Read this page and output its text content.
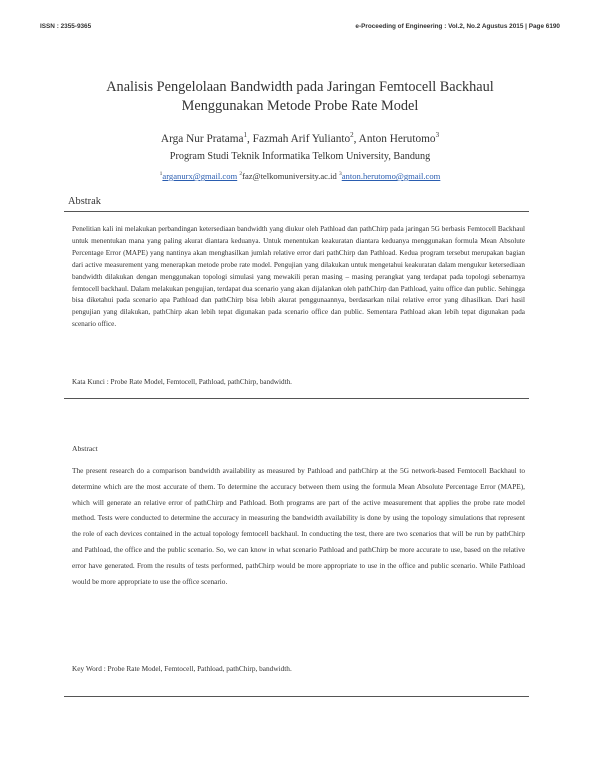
ISSN : 2355-9365	e-Proceeding of Engineering : Vol.2, No.2 Agustus 2015 | Page 6190
Analisis Pengelolaan Bandwidth pada Jaringan Femtocell Backhaul
Menggunakan Metode Probe Rate Model
Arga Nur Pratama$^1$, Fazmah Arif Yulianto$^2$, Anton Herutomo$^3$
Program Studi Teknik Informatika Telkom University, Bandung
$^1$arganurx@gmail.com $^2$faz@telkomuniversity.ac.id $^3$anton.herutomo@gmail.com
Abstrak
Penelitian kali ini melakukan perbandingan ketersediaan bandwidth yang diukur oleh Pathload dan pathChirp pada jaringan 5G berbasis Femtocell Backhaul untuk menentukan mana yang paling akurat diantara keduanya. Untuk menentukan keakuratan diantara keduanya menggunakan formula Mean Absolute Percentage Error (MAPE) yang nantinya akan menghasilkan jumlah relative error dari pathChirp dan Pathload. Kedua program tersebut merupakan bagian dari active measurement yang menerapkan metode probe rate model. Pengujian yang dilakukan untuk mengetahui keakuratan dalam mengukur ketersediaan bandwidth dilakukan dengan menggunakan topologi simulasi yang mewakili peran masing – masing perangkat yang terdapat pada topologi sebenarnya femtocell backhaul. Dalam melakukan pengujian, terdapat dua scenario yang akan dijalankan oleh pathChirp dan Pathload, yaitu office dan public. Sehingga bisa diketahui pada scenario apa Pathload dan pathChirp bisa lebih akurat penggunaannya, berdasarkan nilai relative error yang dihasilkan. Dari hasil pengujian yang dilakukan, pathChirp akan lebih tepat digunakan pada scenario office dan public. Sementara Pathload akan lebih tepat digunakan pada scenario office.
Kata Kunci : Probe Rate Model, Femtocell, Pathload, pathChirp, bandwidth.
Abstract
The present research do a comparison bandwidth availability as measured by Pathload and pathChirp at the 5G network-based Femtocell Backhaul to determine which are the most accurate of them. To determine the accuracy between them using the formula Mean Absolute Percentage Error (MAPE), which will generate an relative error of pathChirp and Pathload. Both programs are part of the active measurement that applies the probe rate model method. Tests were conducted to determine the accuracy in measuring the bandwidth availability is done by using the topology simulations that represent the role of each devices contained in the actual topology femtocell backhaul. In conducting the test, there are two scenarios that will be run by pathChirp and Pathload, the office and the public scenario. So, we can know in what scenario Pathload and pathChirp be more accurate to use, based on the relative error have generated. From the results of tests performed, pathChirp would be more appropriate to use in the office and public scenario. While Pathload would be more appropriate to use the office scenario.
Key Word : Probe Rate Model, Femtocell, Pathload, pathChirp, bandwidth.
